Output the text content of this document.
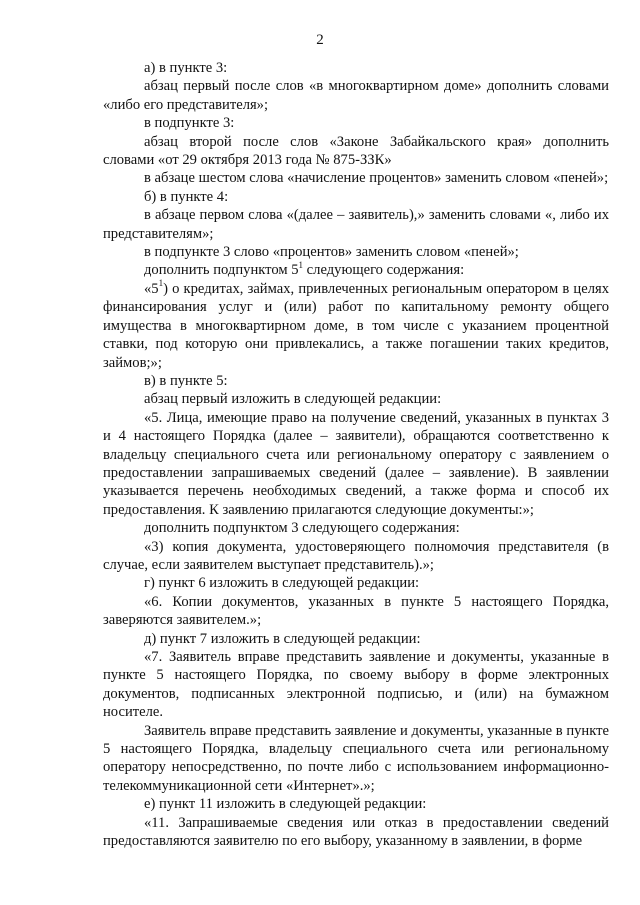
2

а) в пункте 3:

абзац первый после слов «в многоквартирном доме» дополнить словами «либо его представителя»;

в подпункте 3:

абзац второй после слов «Законе Забайкальского края» дополнить словами «от 29 октября 2013 года № 875-ЗЗК»

в абзаце шестом слова «начисление процентов» заменить словом «пеней»;

б) в пункте 4:

в абзаце первом слова «(далее – заявитель),» заменить словами «, либо их представителям»;

в подпункте 3 слово «процентов» заменить словом «пеней»;

дополнить подпунктом $5^1$ следующего содержания:

«$5^1$) о кредитах, займах, привлеченных региональным оператором в целях финансирования услуг и (или) работ по капитальному ремонту общего имущества в многоквартирном доме, в том числе с указанием процентной ставки, под которую они привлекались, а также погашении таких кредитов, займов;»;

в) в пункте 5:

абзац первый изложить в следующей редакции:

«5. Лица, имеющие право на получение сведений, указанных в пунктах 3 и 4 настоящего Порядка (далее – заявители), обращаются соответственно к владельцу специального счета или региональному оператору с заявлением о предоставлении запрашиваемых сведений (далее – заявление). В заявлении указывается перечень необходимых сведений, а также форма и способ их предоставления. К заявлению прилагаются следующие документы:»;

дополнить подпунктом 3 следующего содержания:

«3) копия документа, удостоверяющего полномочия представителя (в случае, если заявителем выступает представитель).»;

г) пункт 6 изложить в следующей редакции:

«6. Копии документов, указанных в пункте 5 настоящего Порядка, заверяются заявителем.»;

д) пункт 7 изложить в следующей редакции:

«7. Заявитель вправе представить заявление и документы, указанные в пункте 5 настоящего Порядка, по своему выбору в форме электронных документов, подписанных электронной подписью, и (или) на бумажном носителе.

Заявитель вправе представить заявление и документы, указанные в пункте 5 настоящего Порядка, владельцу специального счета или региональному оператору непосредственно, по почте либо с использованием информационно-телекоммуникационной сети «Интернет».»;

е) пункт 11 изложить в следующей редакции:

«11. Запрашиваемые сведения или отказ в предоставлении сведений предоставляются заявителю по его выбору, указанному в заявлении, в форме
